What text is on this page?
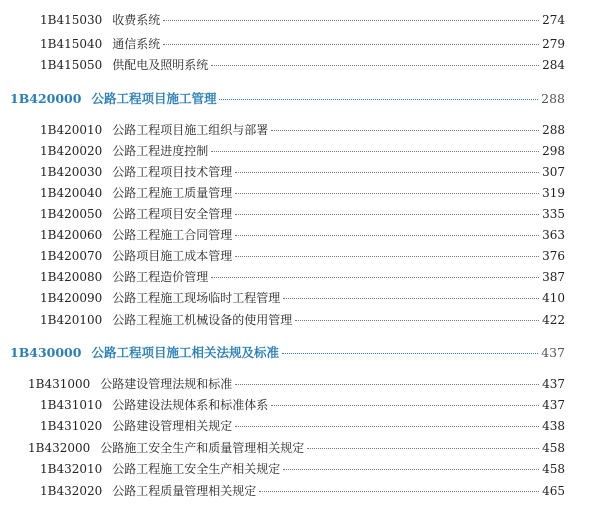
1B415030 收费系统	274
1B415040 通信系统	279
1B415050 供配电及照明系统	284
1B420000 公路工程项目施工管理	288
1B420010 公路工程项目施工组织与部署	288
1B420020 公路工程进度控制	298
1B420030 公路工程项目技术管理	307
1B420040 公路工程施工质量管理	319
1B420050 公路工程项目安全管理	335
1B420060 公路工程施工合同管理	363
1B420070 公路项目施工成本管理	376
1B420080 公路工程造价管理	387
1B420090 公路工程施工现场临时工程管理	410
1B420100 公路工程施工机械设备的使用管理	422
1B430000 公路工程项目施工相关法规及标准	437
1B431000 公路建设管理法规和标准	437
1B431010 公路建设法规体系和标准体系	437
1B431020 公路建设管理相关规定	438
1B432000 公路施工安全生产和质量管理相关规定	458
1B432010 公路工程施工安全生产相关规定	458
1B432020 公路工程质量管理相关规定	465
